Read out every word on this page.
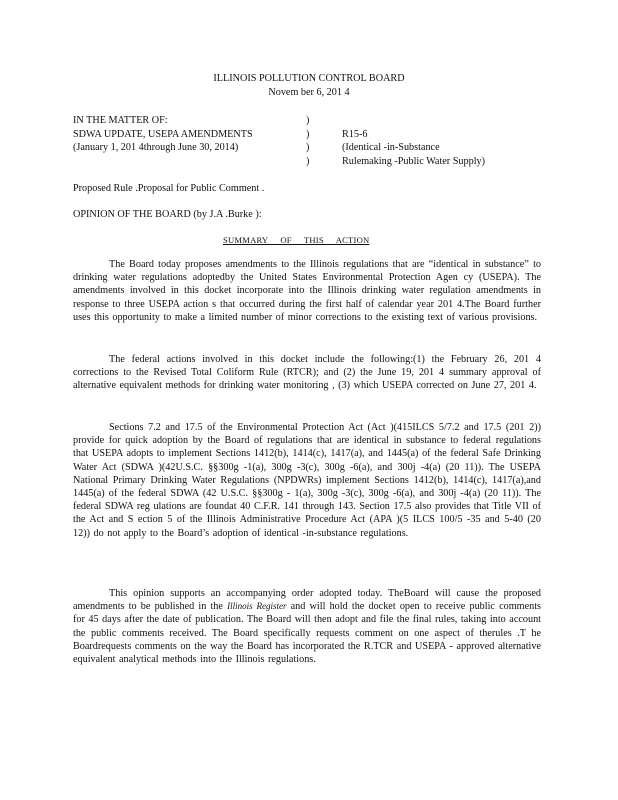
ILLINOIS POLLUTION CONTROL BOARD
Novem ber 6, 201 4
IN THE MATTER OF:
SDWA UPDATE, USEPA AMENDMENTS
(January 1, 201 4through June 30, 2014)
)
)
)
)
R15-6
(Identical -in-Substance
Rulemaking -Public Water Supply)
Proposed Rule .Proposal for Public Comment .
OPINION OF THE BOARD (by J.A .Burke ):
SUMMARY OF THIS ACTION

The Board today proposes amendments to the Illinois regulations that are “identical in substance” to drinking water regulations adoptedby the United States Environmental Protection Agen cy (USEPA). The amendments involved in this docket incorporate into the Illinois drinking water regulation amendments in response to three USEPA action s that occurred during the first half of calendar year 201 4.The Board further uses this opportunity to make a limited number of minor corrections to the existing text of various provisions.

The federal actions involved in this docket include the following:(1) the February 26, 201 4 corrections to the Revised Total Coliform Rule (RTCR); and (2) the June 19, 201 4 summary approval of alternative equivalent methods for drinking water monitoring , (3) which USEPA corrected on June 27, 201 4.

Sections 7.2 and 17.5 of the Environmental Protection Act (Act )(415ILCS 5/7.2 and 17.5 (201 2)) provide for quick adoption by the Board of regulations that are identical in substance to federal regulations that USEPA adopts to implement Sections 1412(b), 1414(c), 1417(a), and 1445(a) of the federal Safe Drinking Water Act (SDWA )(42U.S.C. §§300g -1(a), 300g -3(c), 300g -6(a), and 300j -4(a) (20 11)). The USEPA National Primary Drinking Water Regulations (NPDWRs) implement Sections 1412(b), 1414(c), 1417(a),and 1445(a) of the federal SDWA (42 U.S.C. §§300g - 1(a), 300g -3(c), 300g -6(a), and 300j -4(a) (20 11)). The federal SDWA reg ulations are foundat 40 C.F.R. 141 through 143. Section 17.5 also provides that Title VII of the Act and S ection 5 of the Illinois Administrative Procedure Act (APA )(5 ILCS 100/5 -35 and 5-40 (20 12)) do not apply to the Board’s adoption of identical -in-substance regulations.

This opinion supports an accompanying order adopted today. TheBoard will cause the proposed amendments to be published in the Illinois Register and will hold the docket open to receive public comments for 45 days after the date of publication. The Board will then adopt and file the final rules, taking into account the public comments received. The Board specifically requests comment on one aspect of therules .T he Boardrequests comments on the way the Board has incorporated the R.TCR and USEPA - approved alternative equivalent analytical methods into the Illinois regulations.
